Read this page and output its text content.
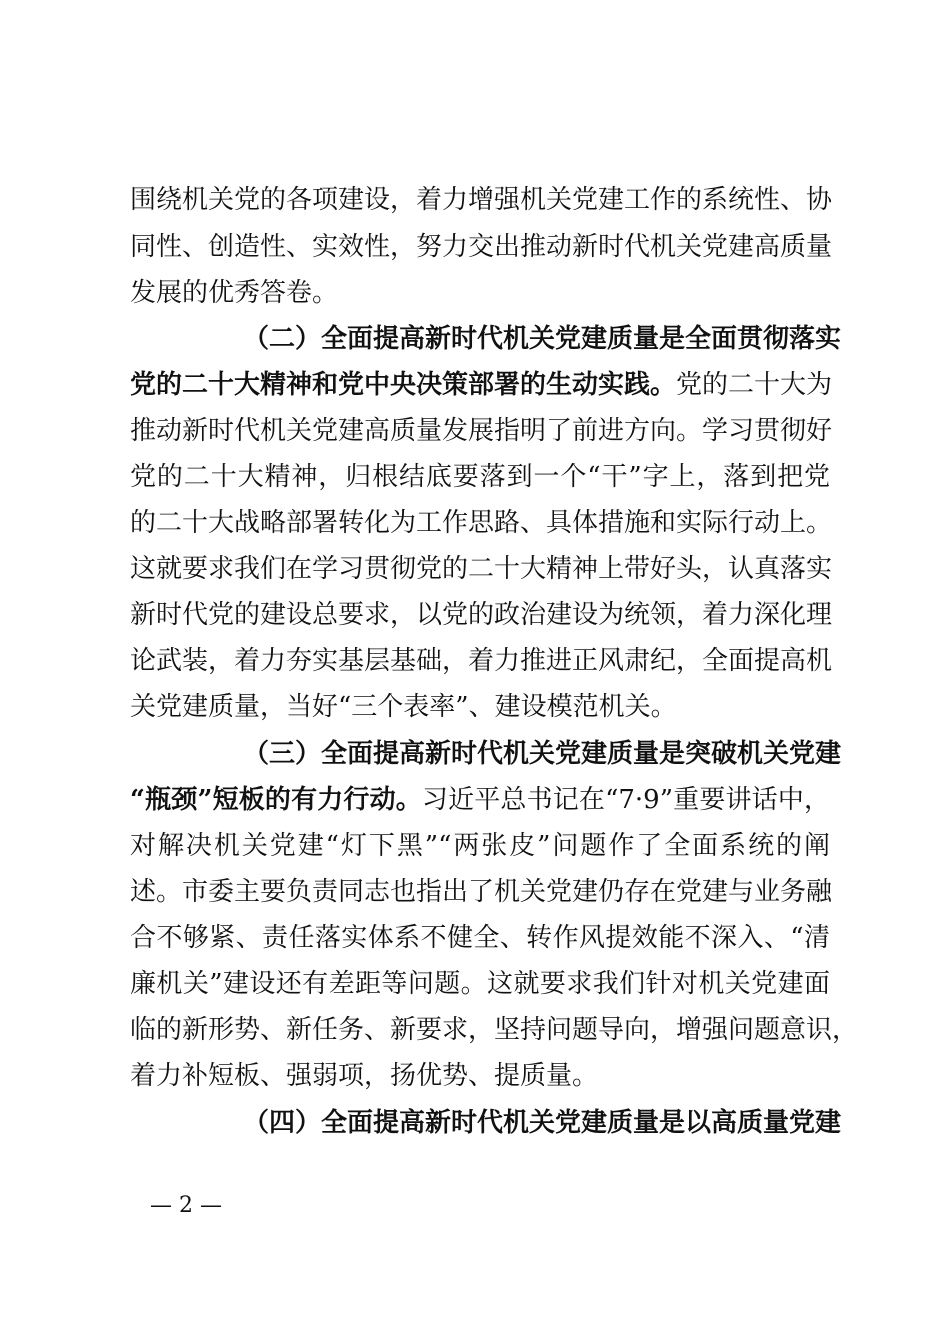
围绕机关党的各项建设，着力增强机关党建工作的系统性、协
同性、创造性、实效性，努力交出推动新时代机关党建高质量
发展的优秀答卷。
（二）全面提高新时代机关党建质量是全面贯彻落实
党的二十大精神和党中央决策部署的生动实践。党的二十大为
推动新时代机关党建高质量发展指明了前进方向。学习贯彻好
党的二十大精神，归根结底要落到一个“干”字上，落到把党
的二十大战略部署转化为工作思路、具体措施和实际行动上。
这就要求我们在学习贯彻党的二十大精神上带好头，认真落实
新时代党的建设总要求，以党的政治建设为统领，着力深化理
论武装，着力夯实基层基础，着力推进正风肃纪，全面提高机
关党建质量，当好“三个表率”、建设模范机关。
（三）全面提高新时代机关党建质量是突破机关党建
“瓶颈”短板的有力行动。习近平总书记在“7·9”重要讲话中，
对解决机关党建“灯下黑”“两张皮”问题作了全面系统的阐
述。市委主要负责同志也指出了机关党建仍存在党建与业务融
合不够紧、责任落实体系不健全、转作风提效能不深入、“清
廉机关”建设还有差距等问题。这就要求我们针对机关党建面
临的新形势、新任务、新要求，坚持问题导向，增强问题意识，
着力补短板、强弱项，扬优势、提质量。
（四）全面提高新时代机关党建质量是以高质量党建
— 2 —
